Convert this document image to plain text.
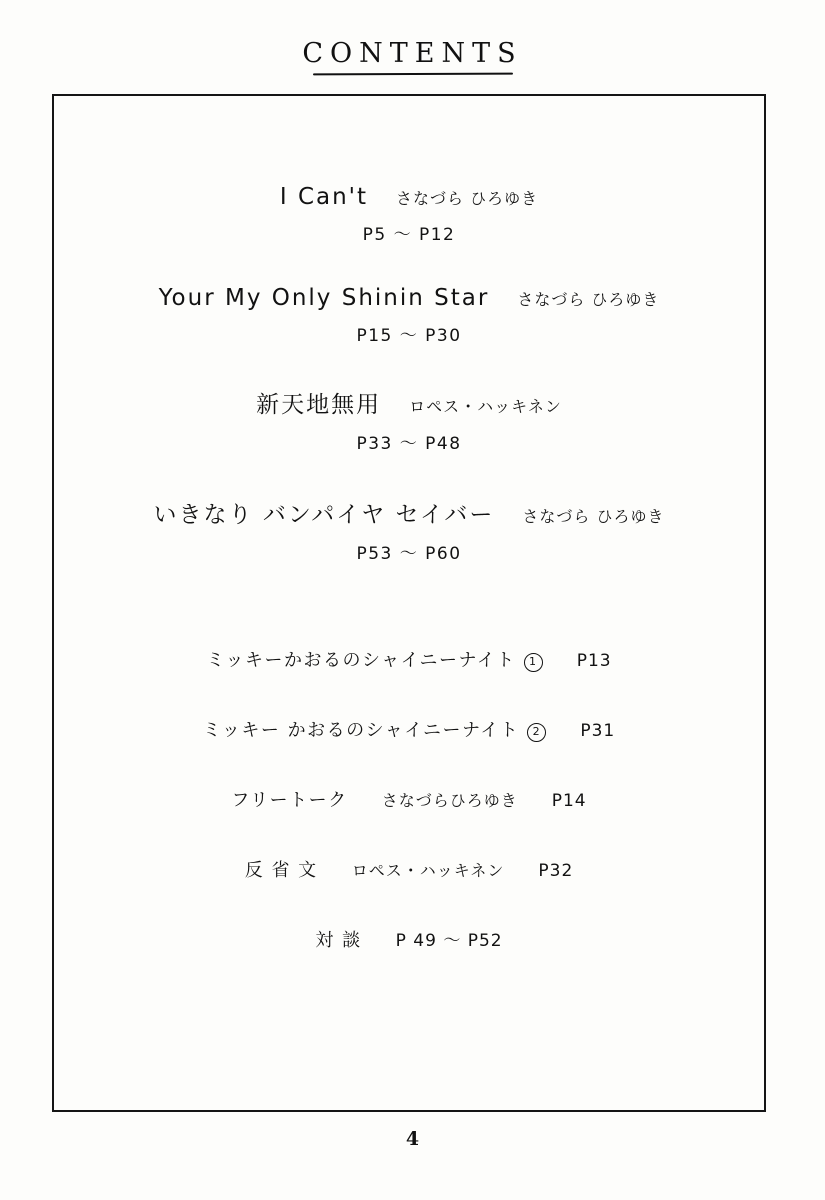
CONTENTS
I Can't さなづら ひろゆき
P5 ～ P12
Your My Only Shinin Star さなづら ひろゆき
P15 ～ P30
新天地無用 ロペス・ハッキネン
P33 ～ P48
いきなり バンパイヤ セイバー さなづら ひろゆき
P53 ～ P60
ミッキーかおるのシャイニーナイト 1	P13
ミッキー かおるのシャイニーナイト 2	P31
フリートーク さなづらひろゆき P14
反 省 文 ロペス・ハッキネン P32
対 談 P 49 ～ P52
4
